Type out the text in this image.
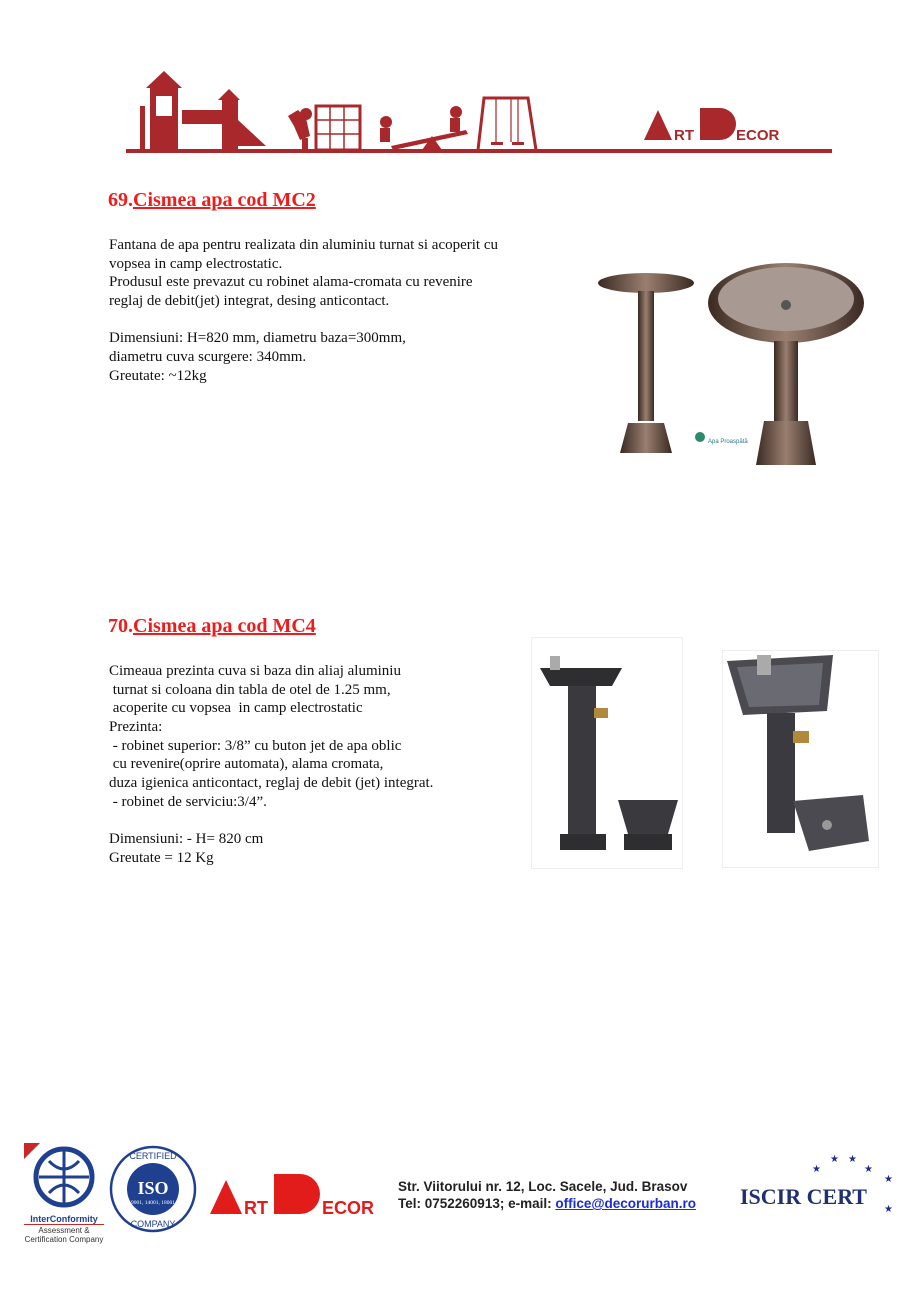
RT	ECOR
69.Cismea apa cod MC2
Fantana de apa pentru realizata din aluminiu turnat si acoperit cu
vopsea in camp electrostatic.
Produsul este prevazut cu robinet alama-cromata cu revenire
reglaj de debit(jet) integrat, desing anticontact.
Dimensiuni: H=820 mm, diametru baza=300mm,
diametru cuva scurgere: 340mm.
Greutate: ~12kg
Apa Proaspătă
70.Cismea apa cod MC4
Cimeaua prezinta cuva si baza din aliaj aluminiu
turnat si coloana din tabla de otel de 1.25 mm,
acoperite cu vopsea  in camp electrostatic
Prezinta:
- robinet superior: 3/8” cu buton jet de apa oblic
cu revenire(oprire automata), alama cromata,
duza igienica anticontact, reglaj de debit (jet) integrat.
- robinet de serviciu:3/4”.
Dimensiuni: - H= 820 cm
Greutate = 12 Kg
InterConformity
Assessment & Certification Company
ISO
9001, 14001, 18001
CERTIFIED
COMPANY
RT	ECOR
Str. Viitorului nr. 12, Loc. Sacele, Jud. Brasov
Tel: 0752260913; e-mail: office@decorurban.ro
★
★ ★
★
★
★
ISCIR CERT
